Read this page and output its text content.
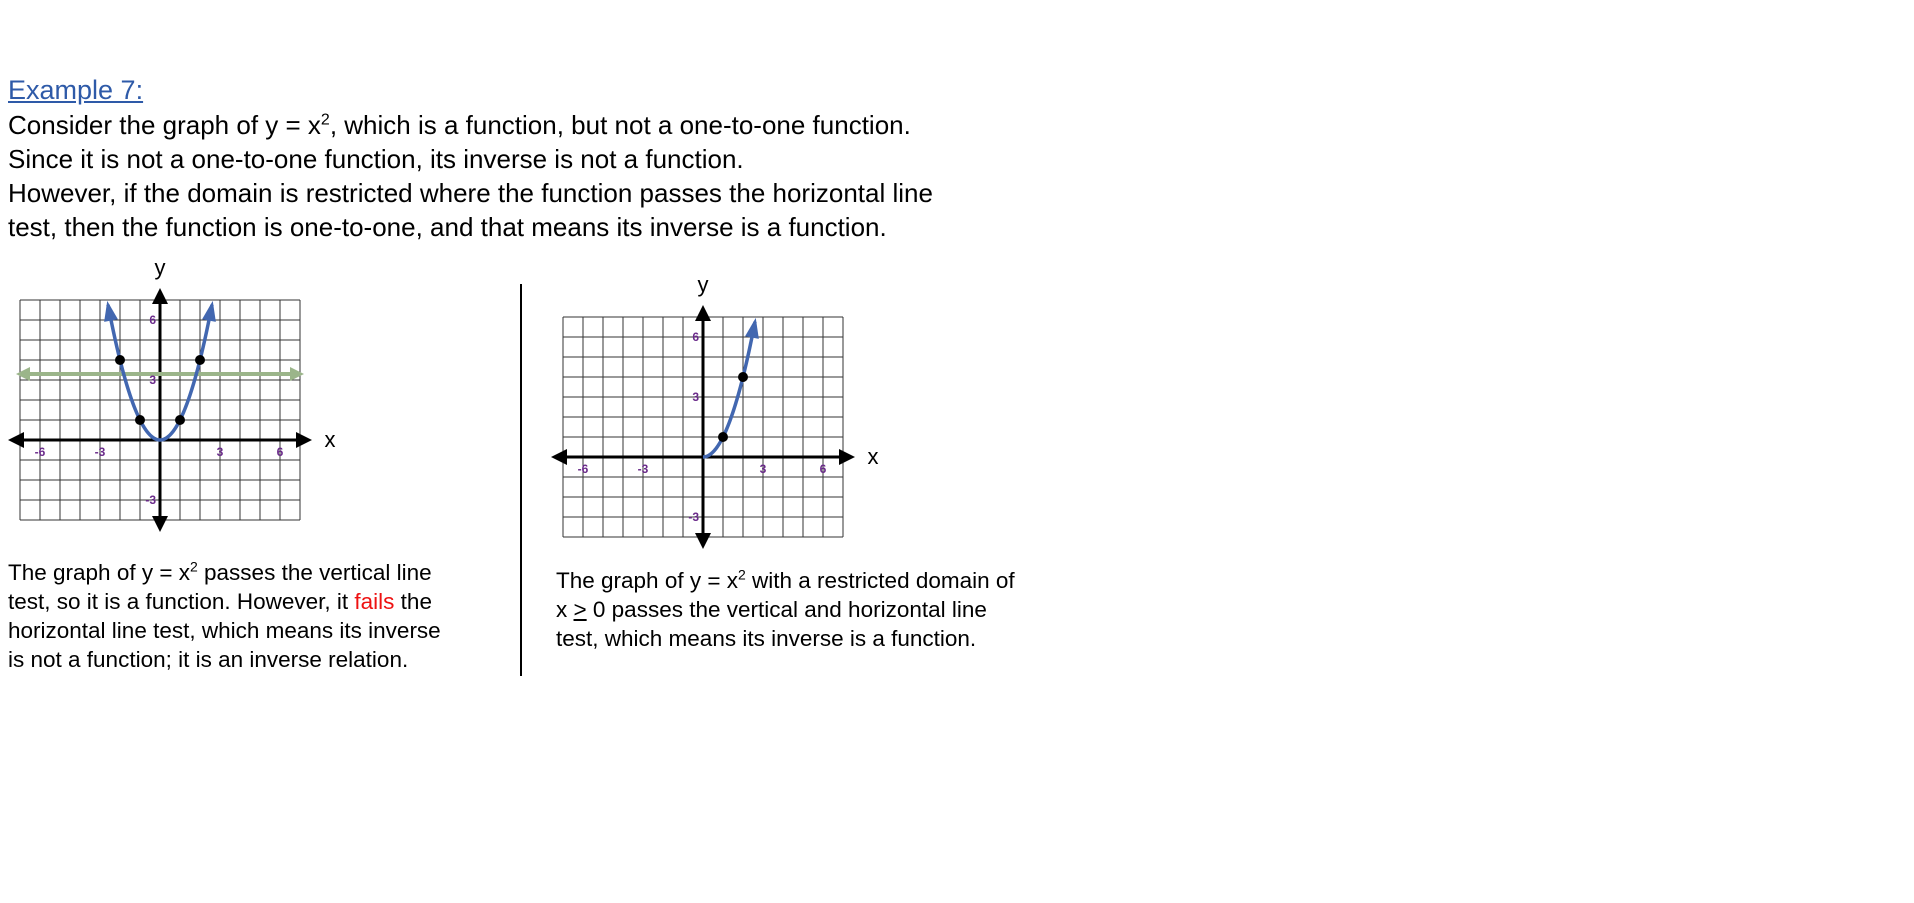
Example 7:

Consider the graph of $y = x^2$, which is a function, but not a one-to-one function.

Since it is not a one-to-one function, its inverse is not a function.

However, if the domain is restricted where the function passes the horizontal line

test, then the function is one-to-one, and that means its inverse is a function.

-6	-3	3	6
6
3
-3
x
y
-6	-3	3	6
6
3
-3
x
y

The graph of $y = x^2$ passes the vertical line

test, so it is a function. However, it fails the

horizontal line test, which means its inverse

is not a function; it is an inverse relation.

The graph of $y = x^2$ with a restricted domain of

x > 0 passes the vertical and horizontal line

test, which means its inverse is a function.
